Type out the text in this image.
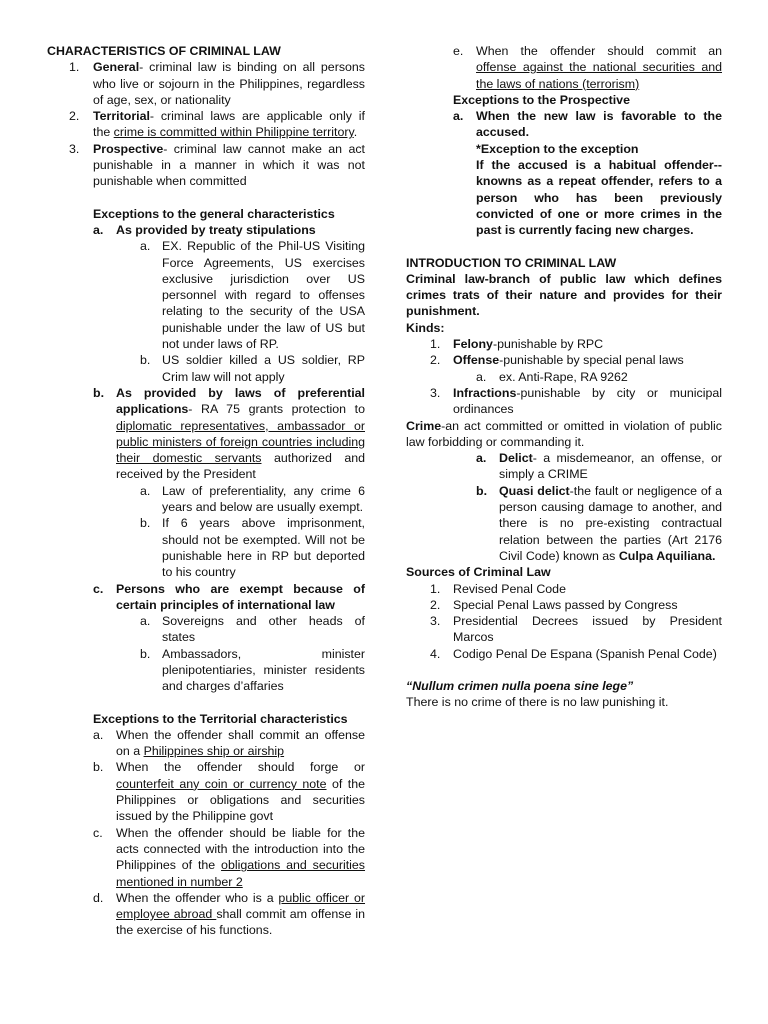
CHARACTERISTICS OF CRIMINAL LAW

1.	General- criminal law is binding on all persons who live or sojourn in the Philippines, regardless of age, sex, or nationality
2.	Territorial- criminal laws are applicable only if the crime is committed within Philippine territory.
3.	Prospective- criminal law cannot make an act punishable in a manner in which it was not punishable when committed

Exceptions to the general characteristics

a.	As provided by treaty stipulations
a. EX. Republic of the Phil-US Visiting Force Agreements, US exercises exclusive jurisdiction over US personnel with regard to offenses relating to the security of the USA punishable under the law of US but not under laws of RP.
b. US soldier killed a US soldier, RP Crim law will not apply
b. As provided by laws of preferential applications- RA 75 grants protection to diplomatic representatives, ambassador or public ministers of foreign countries including their domestic servants authorized and received by the President
a. Law of preferentiality, any crime 6 years and below are usually exempt.
b. If 6 years above imprisonment, should not be exempted. Will not be punishable here in RP but deported to his country
c.	Persons who are exempt because of certain principles of international law
a. Sovereigns and other heads of states
b. Ambassadors, minister plenipotentiaries, minister residents and charges d’affaries

Exceptions to the Territorial characteristics

a.	When the offender shall commit an offense on a Philippines ship or airship
b.	When the offender should forge or counterfeit any coin or currency note of the Philippines or obligations and securities issued by the Philippine govt
c.	When the offender should be liable for the acts connected with the introduction into the Philippines of the obligations and securities mentioned in number 2
d.	When the offender who is a public officer or employee abroad shall commit am offense in the exercise of his functions.
e.	When the offender should commit an offense against the national securities and the laws of nations (terrorism)

Exceptions to the Prospective

a.	When the new law is favorable to the accused.

*Exception to the exception

If the accused is a habitual offender-- knowns as a repeat offender, refers to a person who has been previously convicted of one or more crimes in the past is currently facing new charges.

INTRODUCTION TO CRIMINAL LAW

Criminal law-branch of public law which defines crimes trats of their nature and provides for their punishment.

Kinds:

1.	Felony-punishable by RPC
2.	Offense-punishable by special penal laws
a.	ex. Anti-Rape, RA 9262
3.	Infractions-punishable by city or municipal ordinances

Crime-an act committed or omitted in violation of public law forbidding or commanding it.

a.	Delict- a misdemeanor, an offense, or simply a CRIME
b. Quasi delict-the fault or negligence of a person causing damage to another, and there is no pre-existing contractual relation between the parties (Art 2176 Civil Code) known as Culpa Aquiliana.

Sources of Criminal Law

1.	Revised Penal Code
2.	Special Penal Laws passed by Congress
3.	Presidential Decrees issued by President Marcos
4.	Codigo Penal De Espana (Spanish Penal Code)

“Nullum crimen nulla poena sine lege”

There is no crime of there is no law punishing it.
